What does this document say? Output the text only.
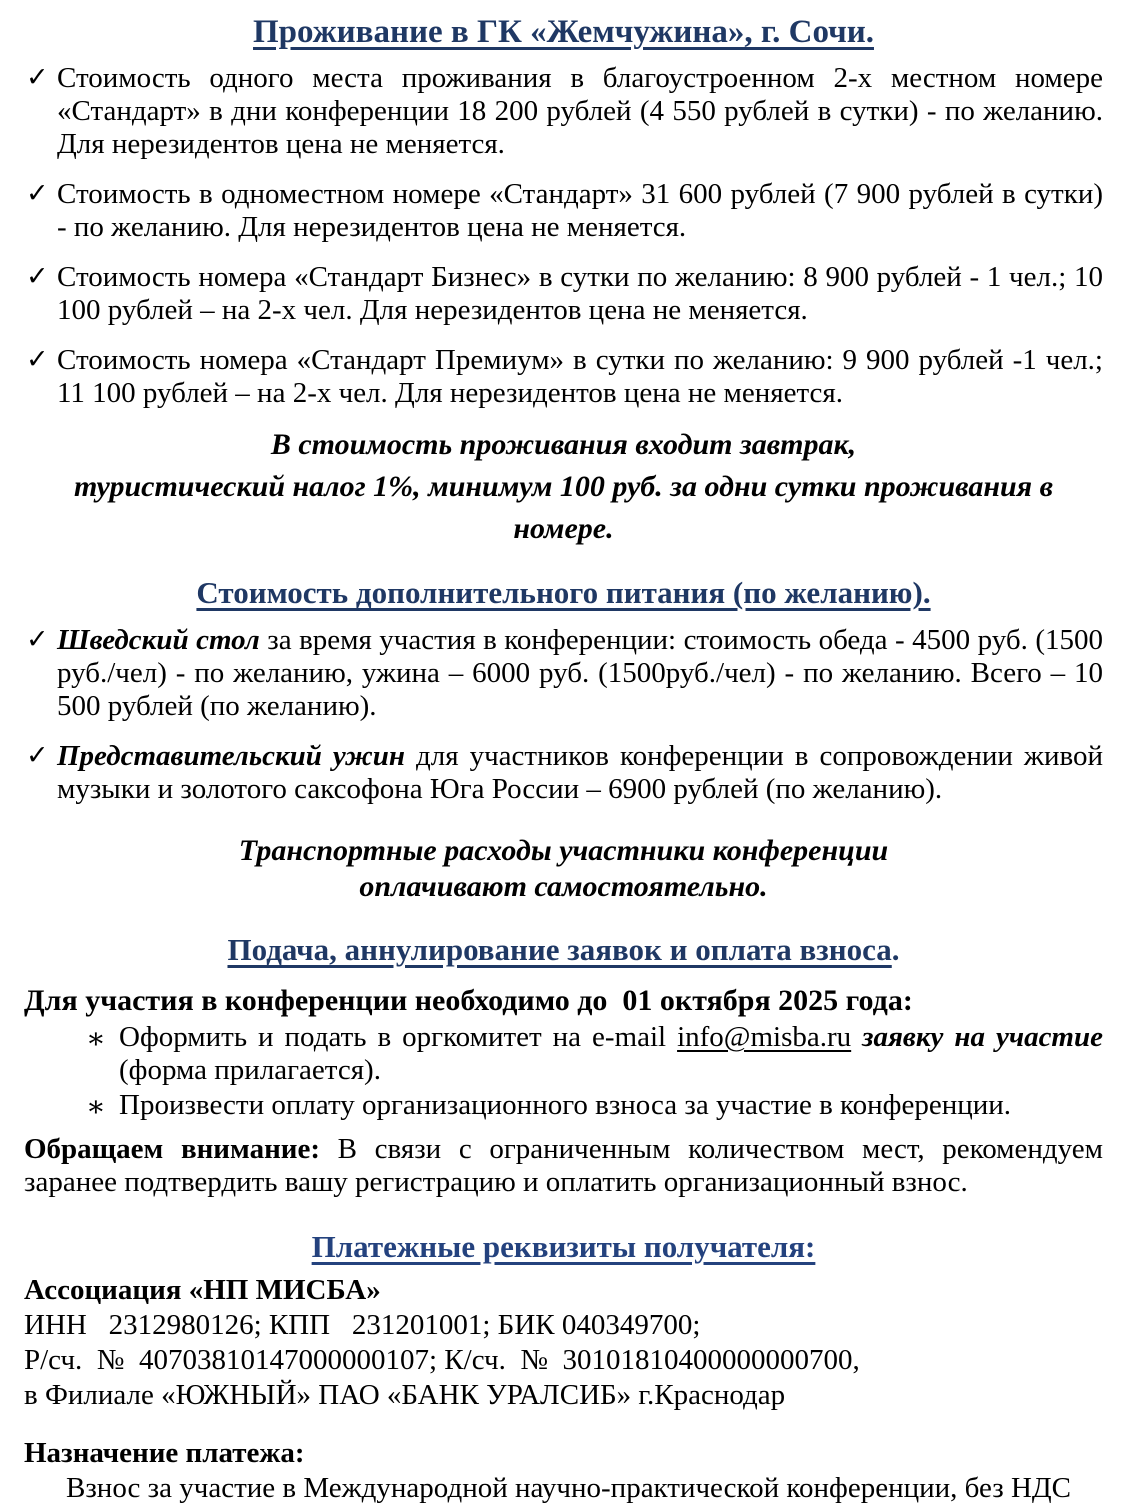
Проживание в ГК «Жемчужина», г. Сочи.
✓ Стоимость одного места проживания в благоустроенном 2-х местном номере «Стандарт» в дни конференции 18 200 рублей (4 550 рублей в сутки) - по желанию. Для нерезидентов цена не меняется.
✓ Стоимость в одноместном номере «Стандарт» 31 600 рублей (7 900 рублей в сутки) - по желанию. Для нерезидентов цена не меняется.
✓ Стоимость номера «Стандарт Бизнес» в сутки по желанию: 8 900 рублей - 1 чел.; 10 100 рублей – на 2-х чел. Для нерезидентов цена не меняется.
✓ Стоимость номера «Стандарт Премиум» в сутки по желанию: 9 900 рублей -1 чел.; 11 100 рублей – на 2-х чел. Для нерезидентов цена не меняется.
В стоимость проживания входит завтрак,
туристический налог 1%, минимум 100 руб. за одни сутки проживания в номере.
Стоимость дополнительного питания (по желанию).
✓ Шведский стол за время участия в конференции: стоимость обеда - 4500 руб. (1500 руб./чел) - по желанию, ужина – 6000 руб. (1500руб./чел) - по желанию. Всего – 10 500 рублей (по желанию).
✓ Представительский ужин для участников конференции в сопровождении живой музыки и золотого саксофона Юга России – 6900 рублей (по желанию).
Транспортные расходы участники конференции
оплачивают самостоятельно.
Подача, аннулирование заявок и оплата взноса.
Для участия в конференции необходимо до  01 октября 2025 года:
∗ Оформить и подать в оргкомитет на e-mail info@misba.ru заявку на участие (форма прилагается).
∗ Произвести оплату организационного взноса за участие в конференции.
Обращаем внимание: В связи с ограниченным количеством мест, рекомендуем заранее подтвердить вашу регистрацию и оплатить организационный взнос.
Платежные реквизиты получателя:
Ассоциация «НП МИСБА»
ИНН   2312980126; КПП   231201001; БИК 040349700;
Р/сч.  №  40703810147000000107; К/сч.  №  30101810400000000700,
в Филиале «ЮЖНЫЙ» ПАО «БАНК УРАЛСИБ» г.Краснодар
Назначение платежа:
Взнос за участие в Международной научно-практической конференции, без НДС
